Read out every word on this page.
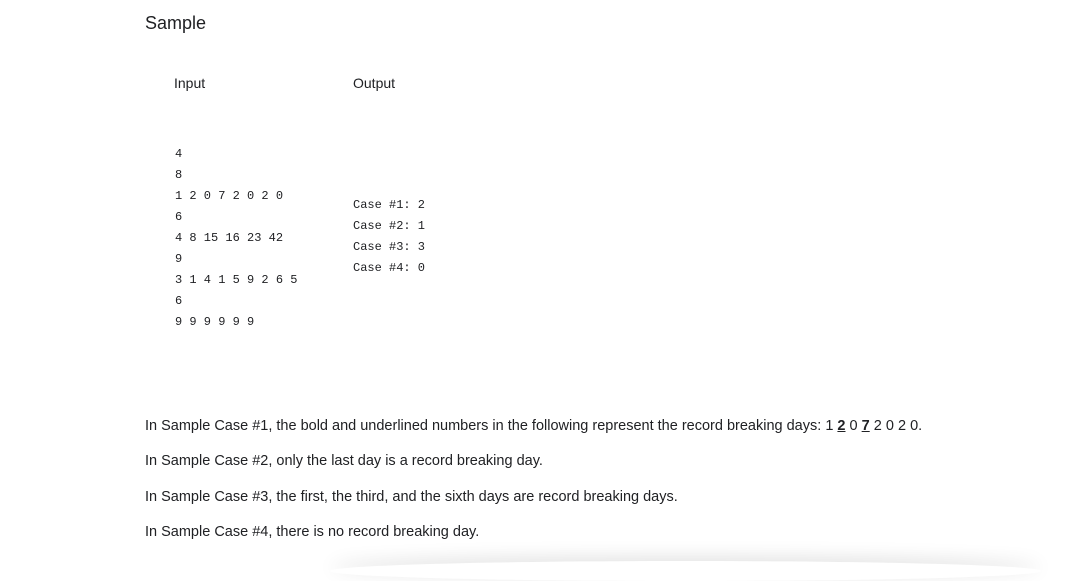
Sample
Input	Output
4
8
1 2 0 7 2 0 2 0
6
4 8 15 16 23 42
9
3 1 4 1 5 9 2 6 5
6
9 9 9 9 9 9
Case #1: 2
Case #2: 1
Case #3: 3
Case #4: 0

In Sample Case #1, the bold and underlined numbers in the following represent the record breaking days: 1 2 0 7 2 0 2 0.

In Sample Case #2, only the last day is a record breaking day.

In Sample Case #3, the first, the third, and the sixth days are record breaking days.

In Sample Case #4, there is no record breaking day.
